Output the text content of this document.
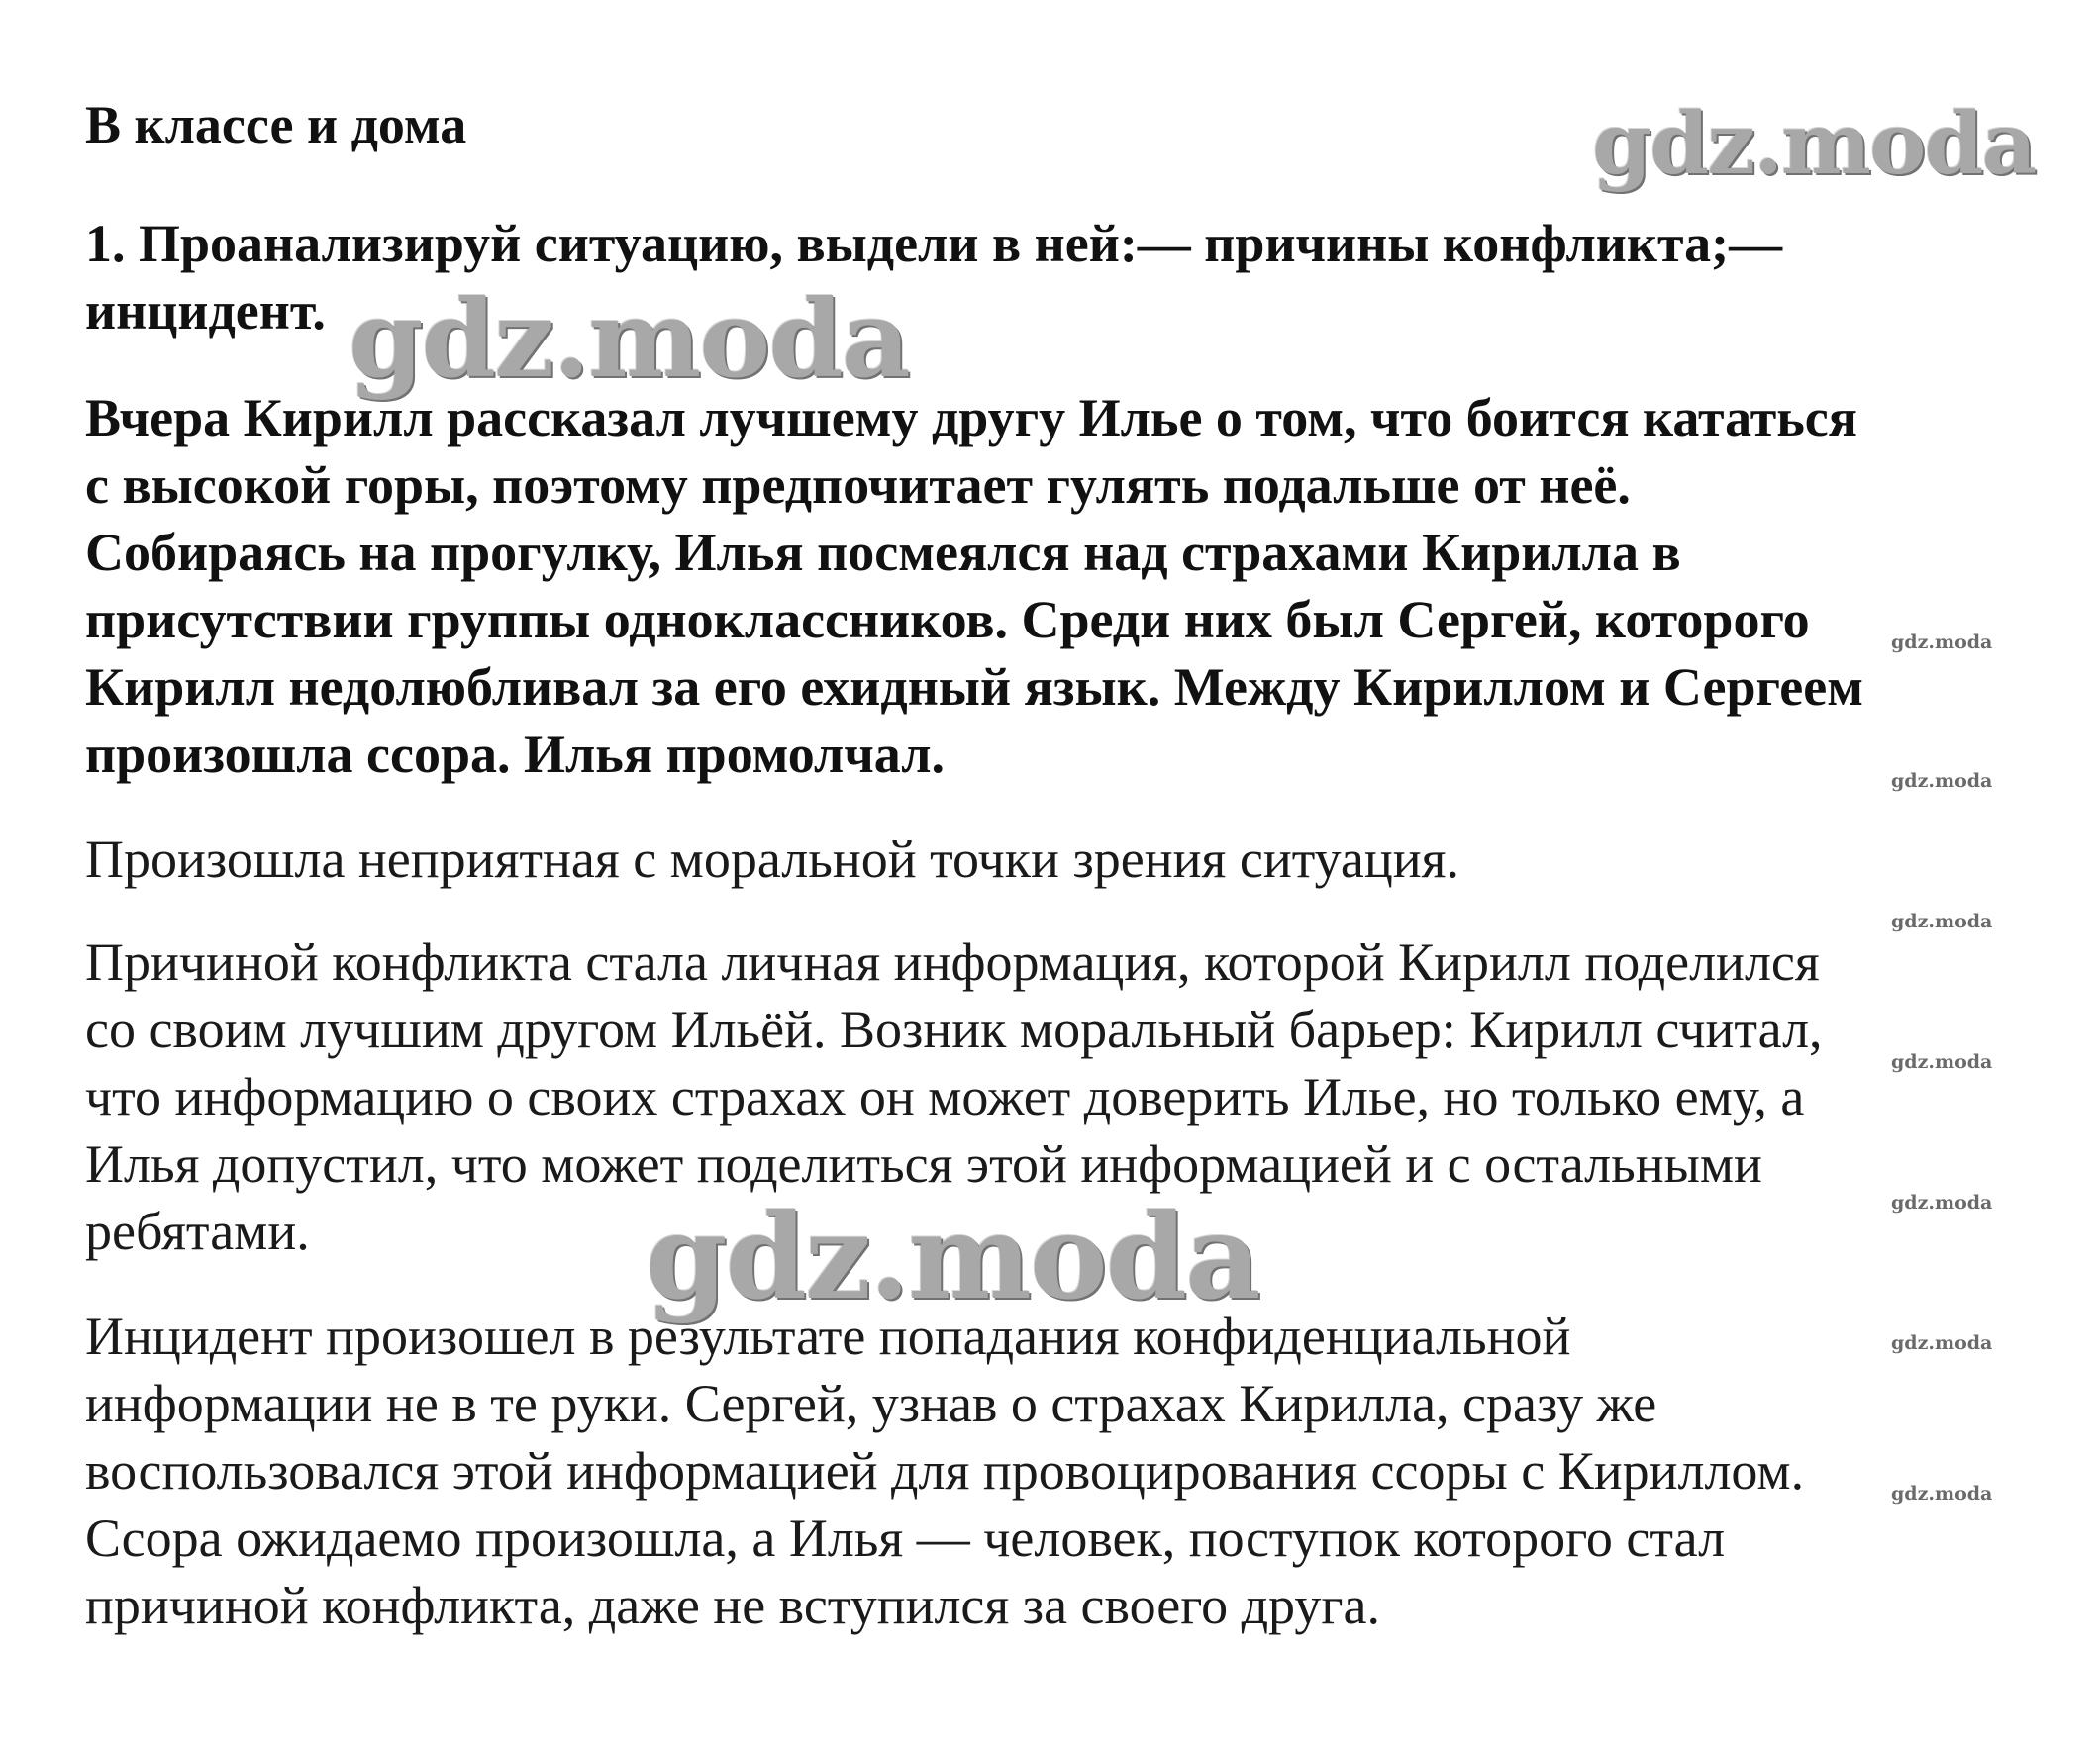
В классе и дома
1. Проанализируй ситуацию, выдели в ней:— причины конфликта;—
инцидент.
Вчера Кирилл рассказал лучшему другу Илье о том, что боится кататься
с высокой горы, поэтому предпочитает гулять подальше от неё.
Собираясь на прогулку, Илья посмеялся над страхами Кирилла в
присутствии группы одноклассников. Среди них был Сергей, которого
Кирилл недолюбливал за его ехидный язык. Между Кириллом и Сергеем
произошла ссора. Илья промолчал.
Произошла неприятная с моральной точки зрения ситуация.
Причиной конфликта стала личная информация, которой Кирилл поделился
со своим лучшим другом Ильёй. Возник моральный барьер: Кирилл считал,
что информацию о своих страхах он может доверить Илье, но только ему, а
Илья допустил, что может поделиться этой информацией и с остальными
ребятами.
Инцидент произошел в результате попадания конфиденциальной
информации не в те руки. Сергей, узнав о страхах Кирилла, сразу же
воспользовался этой информацией для провоцирования ссоры с Кириллом.
Ссора ожидаемо произошла, а Илья — человек, поступок которого стал
причиной конфликта, даже не вступился за своего друга.
gdz.moda
gdz.moda
gdz.moda
gdz.moda
gdz.moda
gdz.moda
gdz.moda
gdz.moda
gdz.moda
gdz.moda
